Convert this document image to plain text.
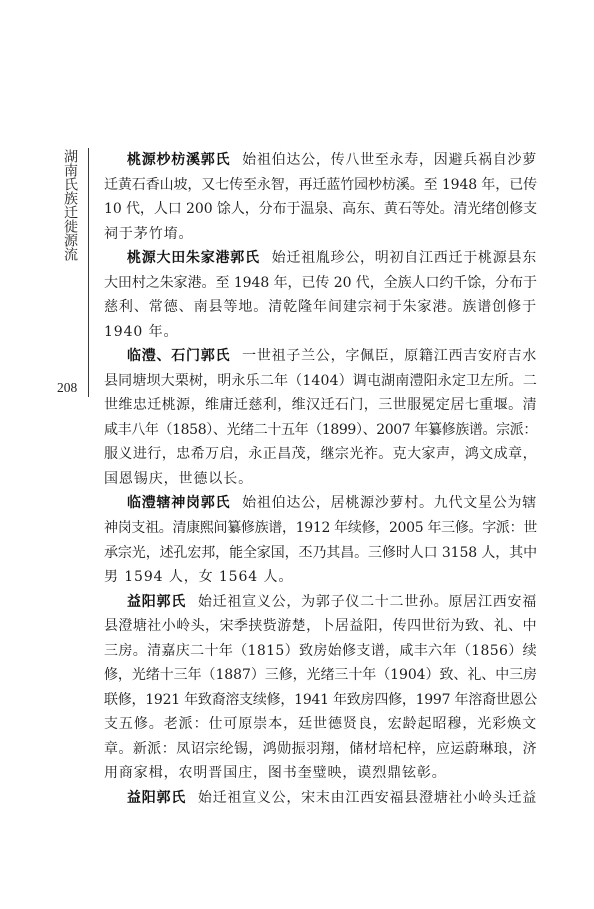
湖南氏族迁徙源流
208
桃源杪枋溪郭氏 始祖伯达公，传八世至永寿，因避兵祸自沙萝
迁黄石香山坡，又七传至永智，再迁蓝竹园杪枋溪。至 1948 年，已传
10 代，人口 200 馀人，分布于温泉、高东、黄石等处。清光绪创修支
祠于茅竹堉。
桃源大田朱家港郭氏 始迁祖胤珍公，明初自江西迁于桃源县东
大田村之朱家港。至 1948 年，已传 20 代，全族人口约千馀，分布于
慈利、常德、南县等地。清乾隆年间建宗祠于朱家港。族谱创修于
1940 年。
临澧、石门郭氏 一世祖子兰公，字佩臣，原籍江西吉安府吉水
县同塘坝大栗树，明永乐二年（1404）调屯湖南澧阳永定卫左所。二
世维忠迁桃源，维庸迁慈利，维汉迁石门，三世服冕定居七重堰。清
咸丰八年（1858）、光绪二十五年（1899）、2007 年纂修族谱。宗派：
服义进行，忠希万启，永正昌茂，继宗光祚。克大家声，鸿文成章，
国恩锡庆，世德以长。
临澧辖神岗郭氏 始祖伯达公，居桃源沙萝村。九代文星公为辖
神岗支祖。清康熙间纂修族谱，1912 年续修，2005 年三修。字派：世
承宗光，述孔宏邦，能全家国，丕乃其昌。三修时人口 3158 人，其中
男 1594 人，女 1564 人。
益阳郭氏 始迁祖宣义公，为郭子仪二十二世孙。原居江西安福
县澄塘社小岭头，宋季挟赀游楚，卜居益阳，传四世衍为致、礼、中
三房。清嘉庆二十年（1815）致房始修支谱，咸丰六年（1856）续
修，光绪十三年（1887）三修，光绪三十年（1904）致、礼、中三房
联修，1921 年致裔溶支续修，1941 年致房四修，1997 年溶裔世恩公
支五修。老派：仕可原崇本，廷世德贤良，宏龄起昭穆，光彩焕文
章。新派：凤诏宗纶锡，鸿勋振羽翔，储材培杞梓，应运蔚琳琅，济
用商家楫，农明晋国庄，图书奎璧映，谟烈鼎铉彰。
益阳郭氏 始迁祖宣义公，宋末由江西安福县澄塘社小岭头迁益
